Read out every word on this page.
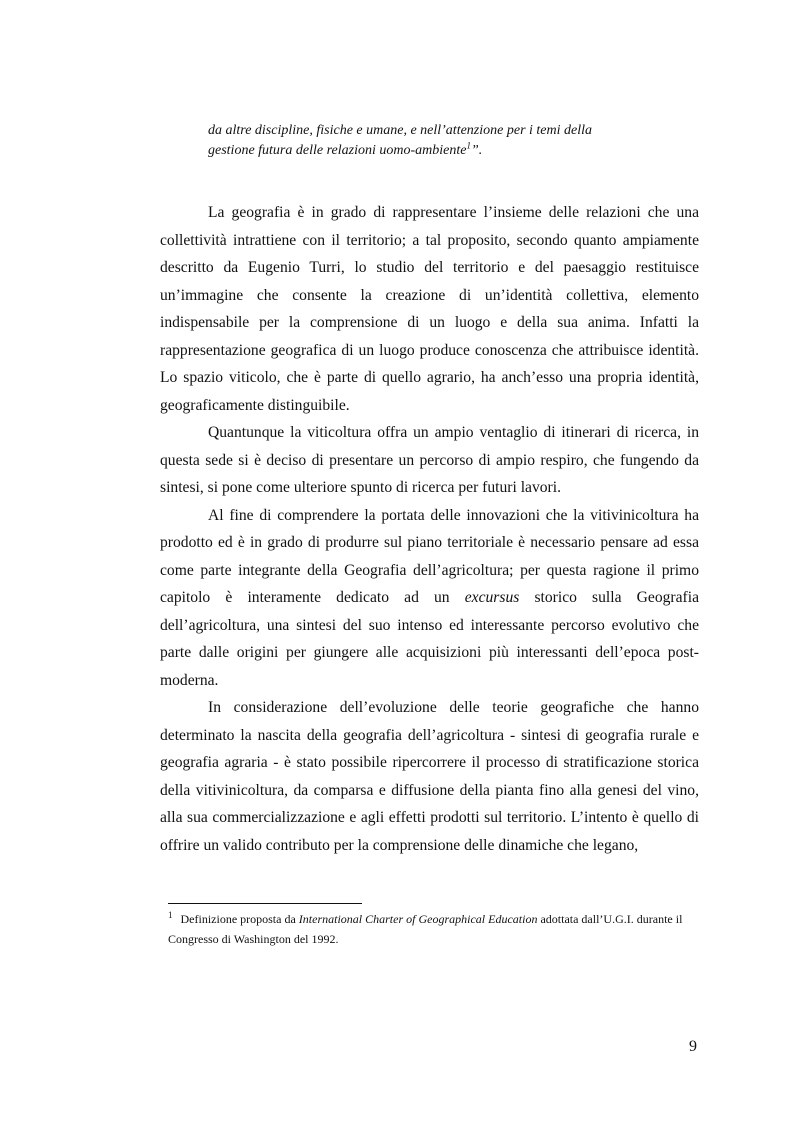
da altre discipline, fisiche e umane, e nell’attenzione per i temi della
gestione futura delle relazioni uomo-ambiente$^1$”.

La geografia è in grado di rappresentare l’insieme delle relazioni che una collettività intrattiene con il territorio; a tal proposito, secondo quanto ampiamente descritto da Eugenio Turri, lo studio del territorio e del paesaggio restituisce un’immagine che consente la creazione di un’identità collettiva, elemento indispensabile per la comprensione di un luogo e della sua anima. Infatti la rappresentazione geografica di un luogo produce conoscenza che attribuisce identità. Lo spazio viticolo, che è parte di quello agrario, ha anch’esso una propria identità, geograficamente distinguibile.

Quantunque la viticoltura offra un ampio ventaglio di itinerari di ricerca, in questa sede si è deciso di presentare un percorso di ampio respiro, che fungendo da sintesi, si pone come ulteriore spunto di ricerca per futuri lavori.

Al fine di comprendere la portata delle innovazioni che la vitivinicoltura ha prodotto ed è in grado di produrre sul piano territoriale è necessario pensare ad essa come parte integrante della Geografia dell’agricoltura; per questa ragione il primo capitolo è interamente dedicato ad un excursus storico sulla Geografia dell’agricoltura, una sintesi del suo intenso ed interessante percorso evolutivo che parte dalle origini per giungere alle acquisizioni più interessanti dell’epoca post-moderna.

In considerazione dell’evoluzione delle teorie geografiche che hanno determinato la nascita della geografia dell’agricoltura - sintesi di geografia rurale e geografia agraria - è stato possibile ripercorrere il processo di stratificazione storica della vitivinicoltura, da comparsa e diffusione della pianta fino alla genesi del vino, alla sua commercializzazione e agli effetti prodotti sul territorio. L’intento è quello di offrire un valido contributo per la comprensione delle dinamiche che legano,

$^1$ Definizione proposta da International Charter of Geographical Education adottata dall’U.G.I. durante il Congresso di Washington del 1992.
9
